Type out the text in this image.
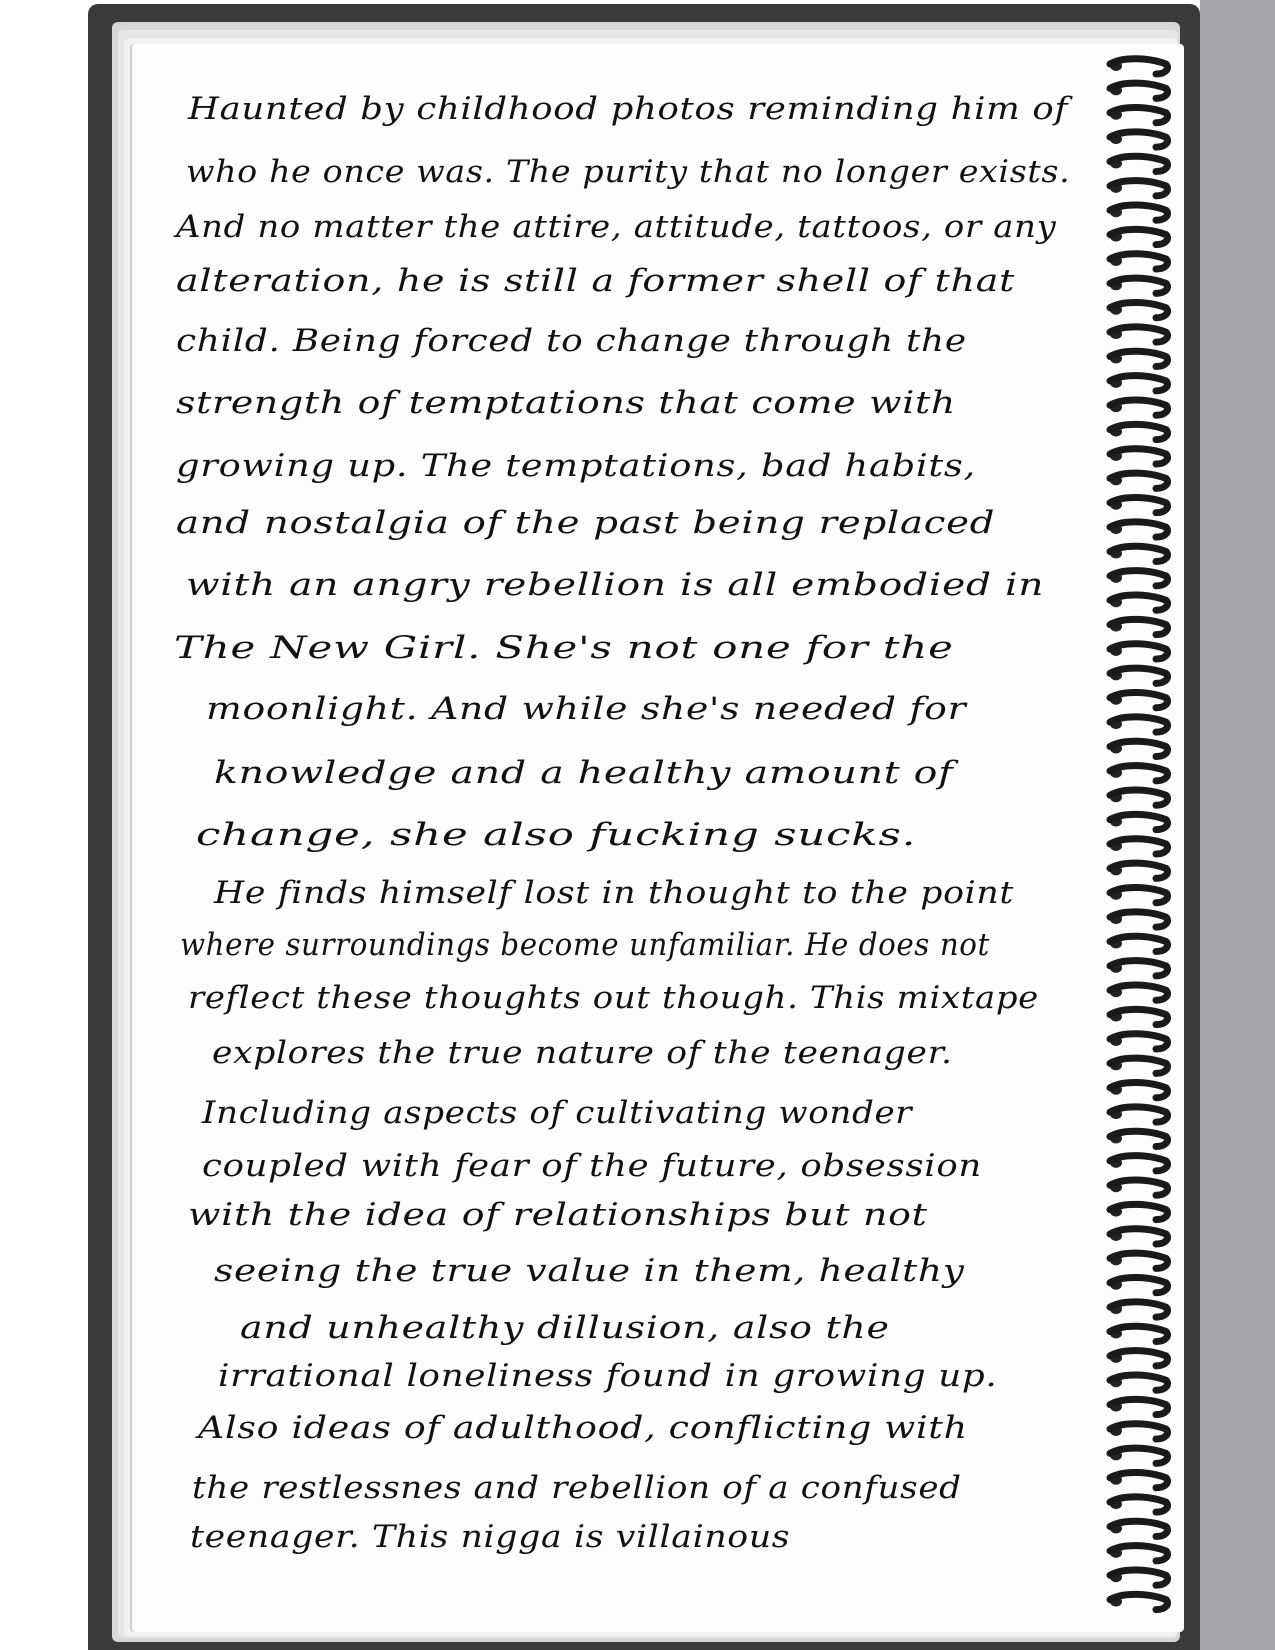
Haunted by childhood photos reminding him of
who he once was. The purity that no longer exists.
And no matter the attire, attitude, tattoos, or any
alteration, he is still a former shell of that
child. Being forced to change through the
strength of temptations that come with
growing up. The temptations, bad habits,
and nostalgia of the past being replaced
with an angry rebellion is all embodied in
The New Girl. She's not one for the
moonlight. And while she's needed for
knowledge and a healthy amount of
change, she also fucking sucks.
He finds himself lost in thought to the point
where surroundings become unfamiliar. He does not
reflect these thoughts out though. This mixtape
explores the true nature of the teenager.
Including aspects of cultivating wonder
coupled with fear of the future, obsession
with the idea of relationships but not
seeing the true value in them, healthy
and unhealthy dillusion, also the
irrational loneliness found in growing up.
Also ideas of adulthood, conflicting with
the restlessnes and rebellion of a confused
teenager. This nigga is villainous
